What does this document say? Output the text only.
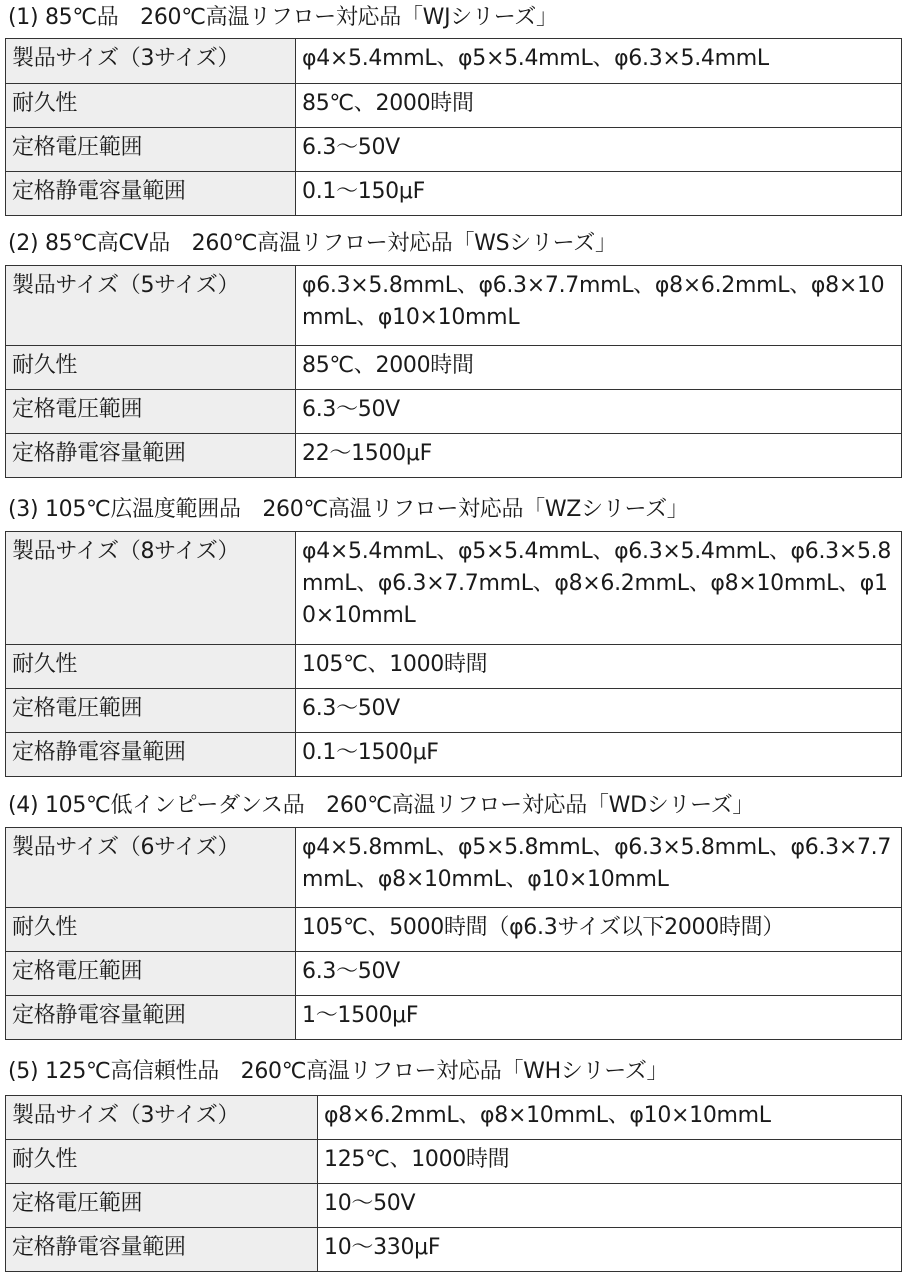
(1) 85℃品　260℃高温リフロー対応品「WJシリーズ」
製品サイズ（3サイズ）	φ4×5.4mmL、φ5×5.4mmL、φ6.3×5.4mmL
耐久性	85℃、2000時間
定格電圧範囲	6.3～50V
定格静電容量範囲	0.1～150μF
(2) 85℃高CV品　260℃高温リフロー対応品「WSシリーズ」
製品サイズ（5サイズ）	φ6.3×5.8mmL、φ6.3×7.7mmL、φ8×6.2mmL、φ8×10mmL、φ10×10mmL
耐久性	85℃、2000時間
定格電圧範囲	6.3～50V
定格静電容量範囲	22～1500μF
(3) 105℃広温度範囲品　260℃高温リフロー対応品「WZシリーズ」
製品サイズ（8サイズ）	φ4×5.4mmL、φ5×5.4mmL、φ6.3×5.4mmL、φ6.3×5.8mmL、φ6.3×7.7mmL、φ8×6.2mmL、φ8×10mmL、φ10×10mmL
耐久性	105℃、1000時間
定格電圧範囲	6.3～50V
定格静電容量範囲	0.1～1500μF
(4) 105℃低インピーダンス品　260℃高温リフロー対応品「WDシリーズ」
製品サイズ（6サイズ）	φ4×5.8mmL、φ5×5.8mmL、φ6.3×5.8mmL、φ6.3×7.7mmL、φ8×10mmL、φ10×10mmL
耐久性	105℃、5000時間（φ6.3サイズ以下2000時間）
定格電圧範囲	6.3～50V
定格静電容量範囲	1～1500μF
(5) 125℃高信頼性品　260℃高温リフロー対応品「WHシリーズ」
製品サイズ（3サイズ）	φ8×6.2mmL、φ8×10mmL、φ10×10mmL
耐久性	125℃、1000時間
定格電圧範囲	10～50V
定格静電容量範囲	10～330μF
